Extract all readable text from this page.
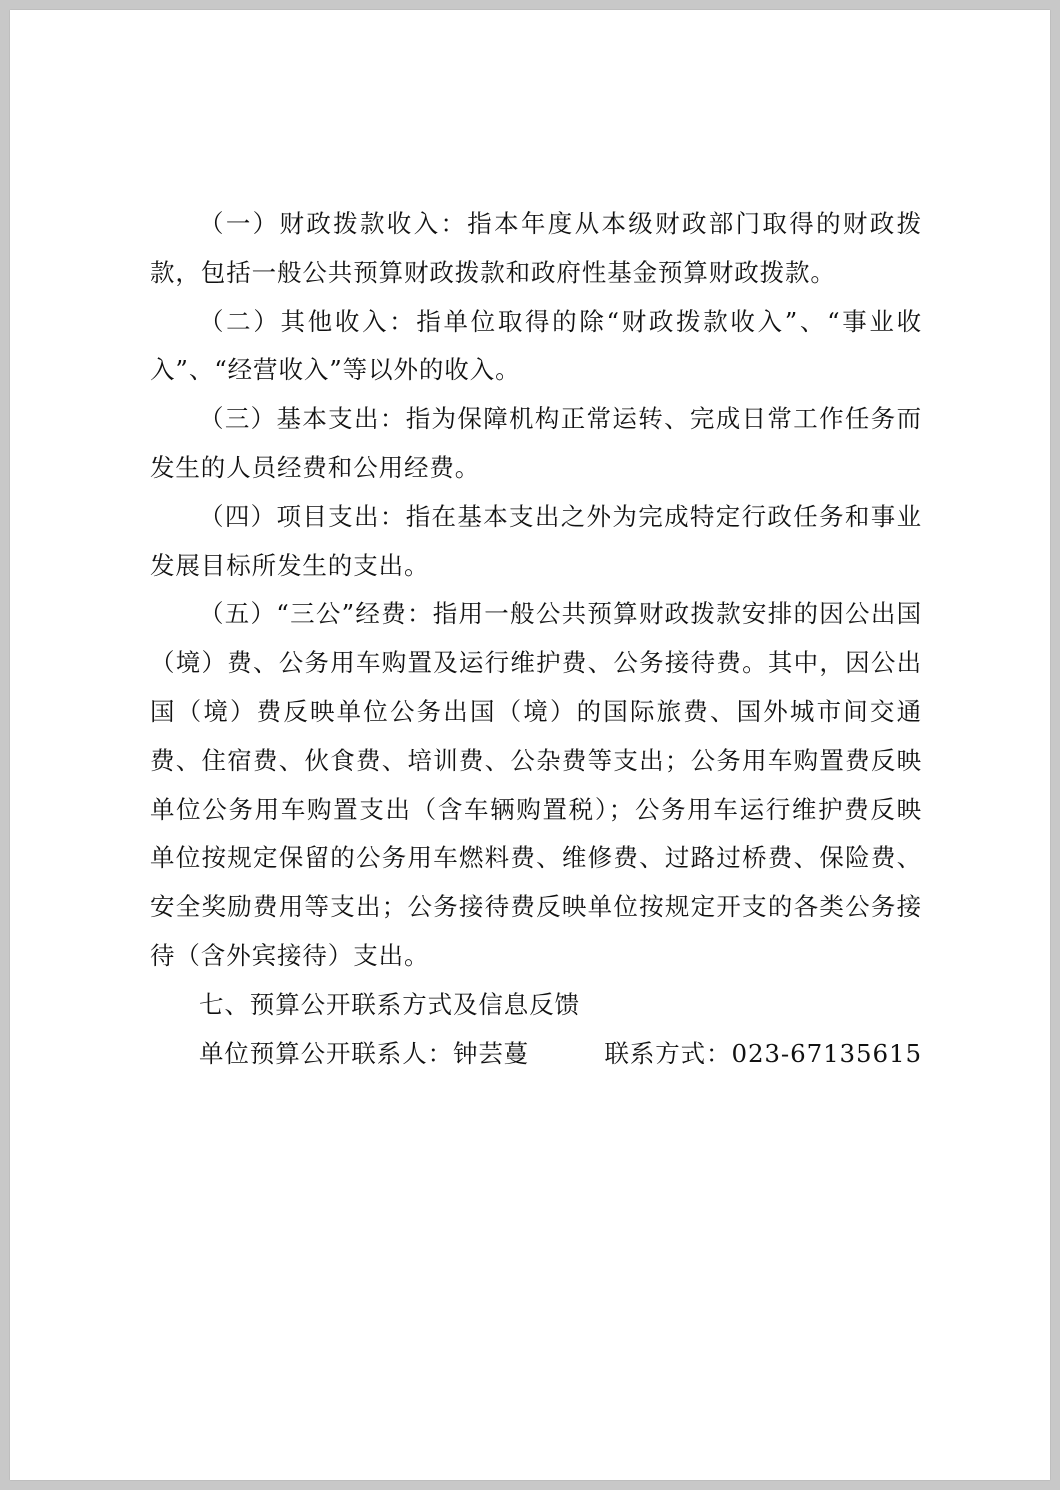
（一）财政拨款收入：指本年度从本级财政部门取得的财政拨款，包括一般公共预算财政拨款和政府性基金预算财政拨款。

（二）其他收入：指单位取得的除“财政拨款收入”、“事业收入”、“经营收入”等以外的收入。

（三）基本支出：指为保障机构正常运转、完成日常工作任务而发生的人员经费和公用经费。

（四）项目支出：指在基本支出之外为完成特定行政任务和事业发展目标所发生的支出。

（五）“三公”经费：指用一般公共预算财政拨款安排的因公出国（境）费、公务用车购置及运行维护费、公务接待费。其中，因公出国（境）费反映单位公务出国（境）的国际旅费、国外城市间交通费、住宿费、伙食费、培训费、公杂费等支出；公务用车购置费反映单位公务用车购置支出（含车辆购置税）；公务用车运行维护费反映单位按规定保留的公务用车燃料费、维修费、过路过桥费、保险费、安全奖励费用等支出；公务接待费反映单位按规定开支的各类公务接待（含外宾接待）支出。

七、预算公开联系方式及信息反馈

单位预算公开联系人：钟芸蔓	联系方式：023-67135615
